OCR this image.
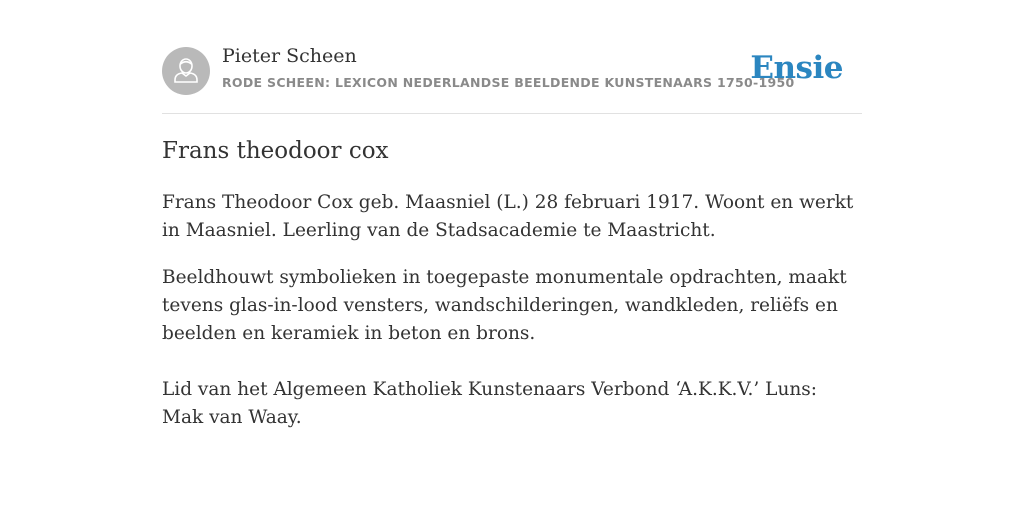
Pieter Scheen
RODE SCHEEN: LEXICON NEDERLANDSE BEELDENDE KUNSTENAARS 1750-1950
Ensie
Frans theodoor cox

Frans Theodoor Cox geb. Maasniel (L.) 28 februari 1917. Woont en werkt in Maasniel. Leerling van de Stadsacademie te Maastricht.

Beeldhouwt symbolieken in toegepaste monumentale opdrachten, maakt tevens glas-in-lood vensters, wandschilderingen, wandkleden, reliëfs en beelden en keramiek in beton en brons.

Lid van het Algemeen Katholiek Kunstenaars Verbond ‘A.K.K.V.’ Luns: Mak van Waay.
